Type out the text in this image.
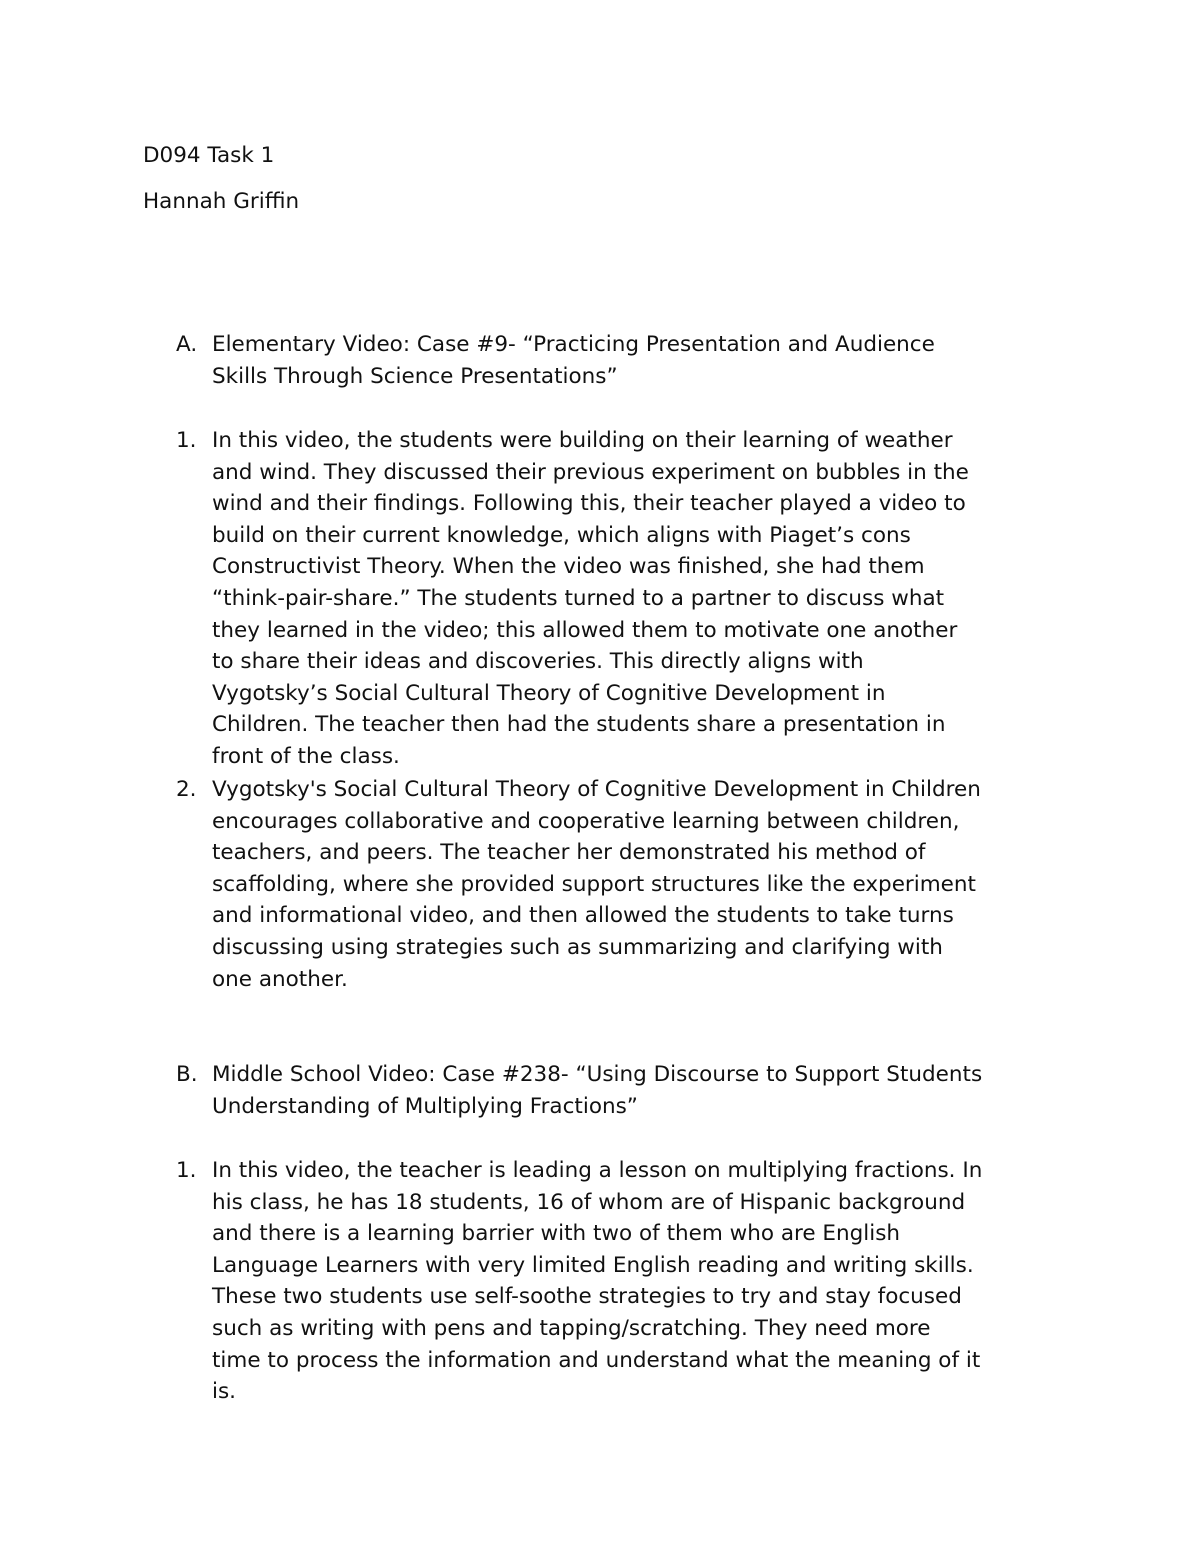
D094 Task 1
Hannah Griffin
A. Elementary Video: Case #9- “Practicing Presentation and Audience
Skills Through Science Presentations”
1. In this video, the students were building on their learning of weather
and wind. They discussed their previous experiment on bubbles in the
wind and their findings. Following this, their teacher played a video to
build on their current knowledge, which aligns with Piaget’s cons
Constructivist Theory. When the video was finished, she had them
“think-pair-share.” The students turned to a partner to discuss what
they learned in the video; this allowed them to motivate one another
to share their ideas and discoveries. This directly aligns with
Vygotsky’s Social Cultural Theory of Cognitive Development in
Children. The teacher then had the students share a presentation in
front of the class.
2. Vygotsky's Social Cultural Theory of Cognitive Development in Children
encourages collaborative and cooperative learning between children,
teachers, and peers. The teacher her demonstrated his method of
scaffolding, where she provided support structures like the experiment
and informational video, and then allowed the students to take turns
discussing using strategies such as summarizing and clarifying with
one another.
B. Middle School Video: Case #238- “Using Discourse to Support Students
Understanding of Multiplying Fractions”
1. In this video, the teacher is leading a lesson on multiplying fractions. In
his class, he has 18 students, 16 of whom are of Hispanic background
and there is a learning barrier with two of them who are English
Language Learners with very limited English reading and writing skills.
These two students use self-soothe strategies to try and stay focused
such as writing with pens and tapping/scratching. They need more
time to process the information and understand what the meaning of it
is.
